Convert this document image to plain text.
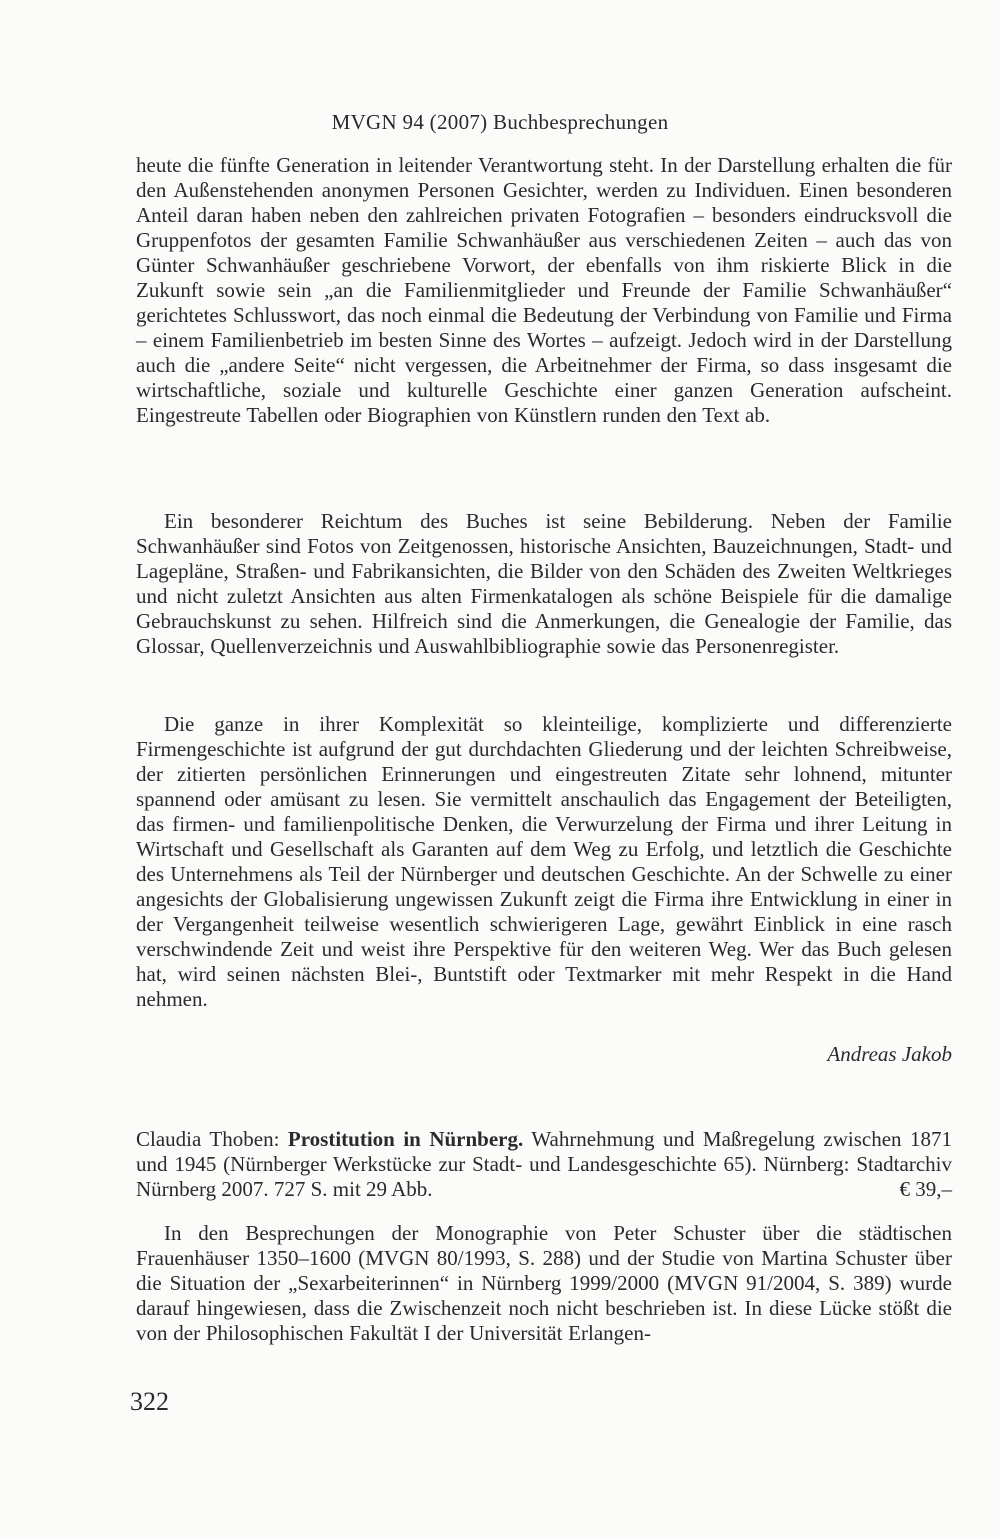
MVGN 94 (2007) Buchbesprechungen

heute die fünfte Generation in leitender Verantwortung steht. In der Darstellung erhalten die für den Außenstehenden anonymen Personen Gesichter, werden zu Individuen. Einen besonderen Anteil daran haben neben den zahlreichen privaten Fotografien – besonders eindrucksvoll die Gruppenfotos der gesamten Familie Schwanhäußer aus verschiedenen Zeiten – auch das von Günter Schwanhäußer geschriebene Vorwort, der ebenfalls von ihm riskierte Blick in die Zukunft sowie sein „an die Familienmitglieder und Freunde der Familie Schwanhäußer“ gerichtetes Schlusswort, das noch einmal die Bedeutung der Verbindung von Familie und Firma – einem Familienbetrieb im besten Sinne des Wortes – aufzeigt. Jedoch wird in der Darstellung auch die „andere Seite“ nicht vergessen, die Arbeitnehmer der Firma, so dass insgesamt die wirtschaftliche, soziale und kulturelle Geschichte einer ganzen Generation aufscheint. Eingestreute Tabellen oder Biographien von Künstlern runden den Text ab.

Ein besonderer Reichtum des Buches ist seine Bebilderung. Neben der Familie Schwanhäußer sind Fotos von Zeitgenossen, historische Ansichten, Bauzeichnungen, Stadt- und Lagepläne, Straßen- und Fabrikansichten, die Bilder von den Schäden des Zweiten Weltkrieges und nicht zuletzt Ansichten aus alten Firmenkatalogen als schöne Beispiele für die damalige Gebrauchskunst zu sehen. Hilfreich sind die Anmerkungen, die Genealogie der Familie, das Glossar, Quellenverzeichnis und Auswahlbibliographie sowie das Personenregister.

Die ganze in ihrer Komplexität so kleinteilige, komplizierte und differenzierte Firmengeschichte ist aufgrund der gut durchdachten Gliederung und der leichten Schreibweise, der zitierten persönlichen Erinnerungen und eingestreuten Zitate sehr lohnend, mitunter spannend oder amüsant zu lesen. Sie vermittelt anschaulich das Engagement der Beteiligten, das firmen- und familienpolitische Denken, die Verwurzelung der Firma und ihrer Leitung in Wirtschaft und Gesellschaft als Garanten auf dem Weg zu Erfolg, und letztlich die Geschichte des Unternehmens als Teil der Nürnberger und deutschen Geschichte. An der Schwelle zu einer angesichts der Globalisierung ungewissen Zukunft zeigt die Firma ihre Entwicklung in einer in der Vergangenheit teilweise wesentlich schwierigeren Lage, gewährt Einblick in eine rasch verschwindende Zeit und weist ihre Perspektive für den weiteren Weg. Wer das Buch gelesen hat, wird seinen nächsten Blei-, Buntstift oder Textmarker mit mehr Respekt in die Hand nehmen.

Andreas Jakob
Claudia Thoben: Prostitution in Nürnberg. Wahrnehmung und Maßregelung zwischen 1871 und 1945 (Nürnberger Werkstücke zur Stadt- und Landesgeschichte 65). Nürnberg: Stadtarchiv Nürnberg 2007. 727 S. mit 29 Abb.	€ 39,–

In den Besprechungen der Monographie von Peter Schuster über die städtischen Frauenhäuser 1350–1600 (MVGN 80/1993, S. 288) und der Studie von Martina Schuster über die Situation der „Sexarbeiterinnen“ in Nürnberg 1999/2000 (MVGN 91/2004, S. 389) wurde darauf hingewiesen, dass die Zwischenzeit noch nicht beschrieben ist. In diese Lücke stößt die von der Philosophischen Fakultät I der Universität Erlangen-

322
